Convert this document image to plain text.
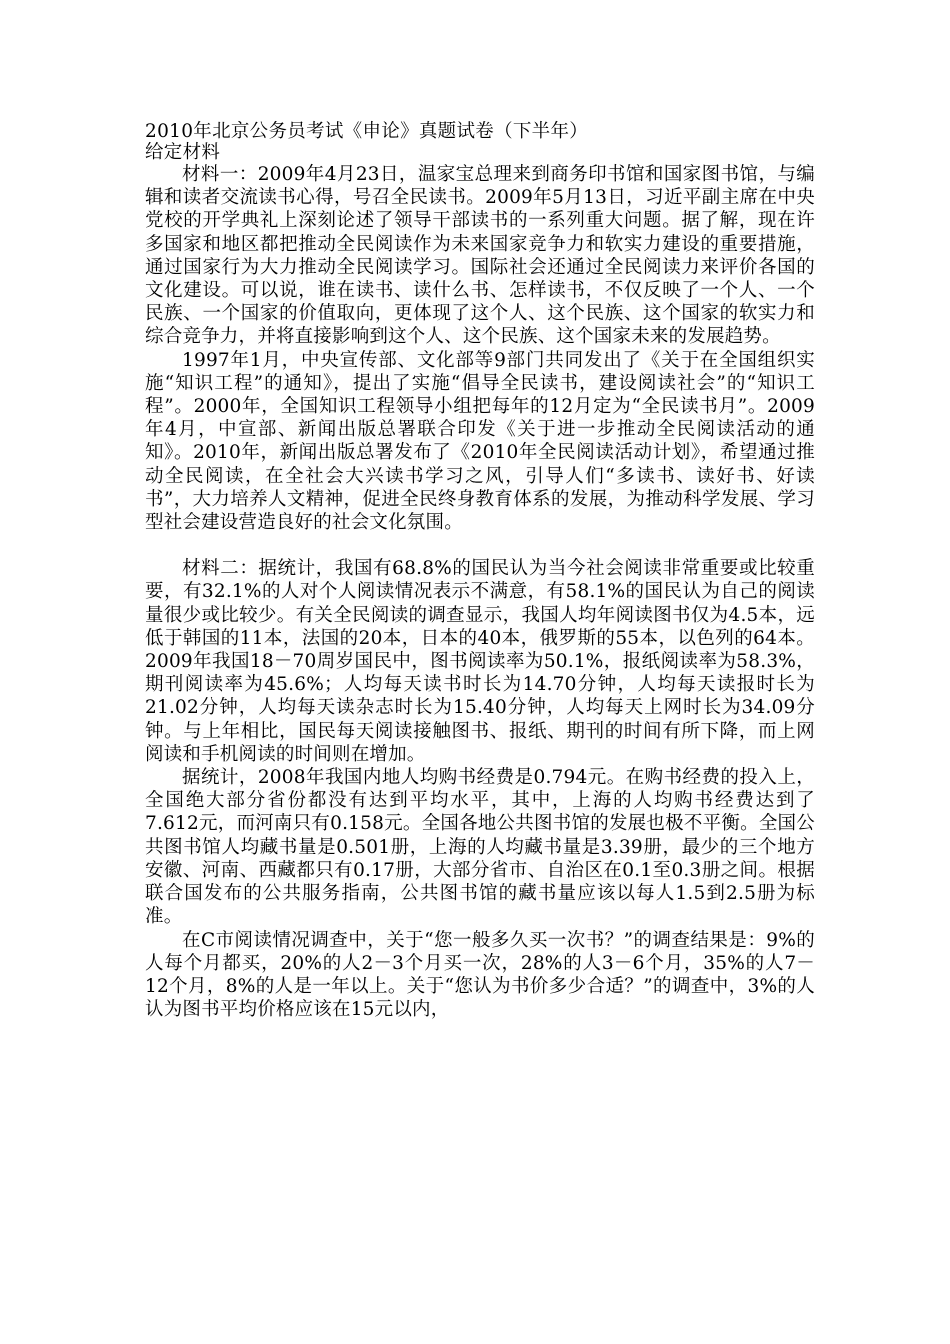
2010年北京公务员考试《申论》真题试卷（下半年）

给定材料

材料一：2009年4月23日，温家宝总理来到商务印书馆和国家图书馆，与编辑和读者交流读书心得，号召全民读书。2009年5月13日，习近平副主席在中央党校的开学典礼上深刻论述了领导干部读书的一系列重大问题。据了解，现在许多国家和地区都把推动全民阅读作为未来国家竞争力和软实力建设的重要措施，通过国家行为大力推动全民阅读学习。国际社会还通过全民阅读力来评价各国的文化建设。可以说，谁在读书、读什么书、怎样读书，不仅反映了一个人、一个民族、一个国家的价值取向，更体现了这个人、这个民族、这个国家的软实力和综合竞争力，并将直接影响到这个人、这个民族、这个国家未来的发展趋势。

1997年1月，中央宣传部、文化部等9部门共同发出了《关于在全国组织实施“知识工程”的通知》，提出了实施“倡导全民读书，建设阅读社会”的“知识工程”。2000年，全国知识工程领导小组把每年的12月定为“全民读书月”。2009年4月，中宣部、新闻出版总署联合印发《关于进一步推动全民阅读活动的通知》。2010年，新闻出版总署发布了《2010年全民阅读活动计划》，希望通过推动全民阅读，在全社会大兴读书学习之风，引导人们“多读书、读好书、好读书”，大力培养人文精神，促进全民终身教育体系的发展，为推动科学发展、学习型社会建设营造良好的社会文化氛围。

材料二：据统计，我国有68.8%的国民认为当今社会阅读非常重要或比较重要，有32.1%的人对个人阅读情况表示不满意，有58.1%的国民认为自己的阅读量很少或比较少。有关全民阅读的调查显示，我国人均年阅读图书仅为4.5本，远低于韩国的11本，法国的20本，日本的40本，俄罗斯的55本，以色列的64本。2009年我国18－70周岁国民中，图书阅读率为50.1%，报纸阅读率为58.3%，期刊阅读率为45.6%；人均每天读书时长为14.70分钟，人均每天读报时长为21.02分钟，人均每天读杂志时长为15.40分钟，人均每天上网时长为34.09分钟。与上年相比，国民每天阅读接触图书、报纸、期刊的时间有所下降，而上网阅读和手机阅读的时间则在增加。

据统计，2008年我国内地人均购书经费是0.794元。在购书经费的投入上，全国绝大部分省份都没有达到平均水平，其中，上海的人均购书经费达到了7.612元，而河南只有0.158元。全国各地公共图书馆的发展也极不平衡。全国公共图书馆人均藏书量是0.501册，上海的人均藏书量是3.39册，最少的三个地方安徽、河南、西藏都只有0.17册，大部分省市、自治区在0.1至0.3册之间。根据联合国发布的公共服务指南，公共图书馆的藏书量应该以每人1.5到2.5册为标准。

在C市阅读情况调查中，关于“您一般多久买一次书？”的调查结果是：9%的人每个月都买，20%的人2－3个月买一次，28%的人3－6个月，35%的人7－12个月，8%的人是一年以上。关于“您认为书价多少合适？”的调查中，3%的人认为图书平均价格应该在15元以内，
